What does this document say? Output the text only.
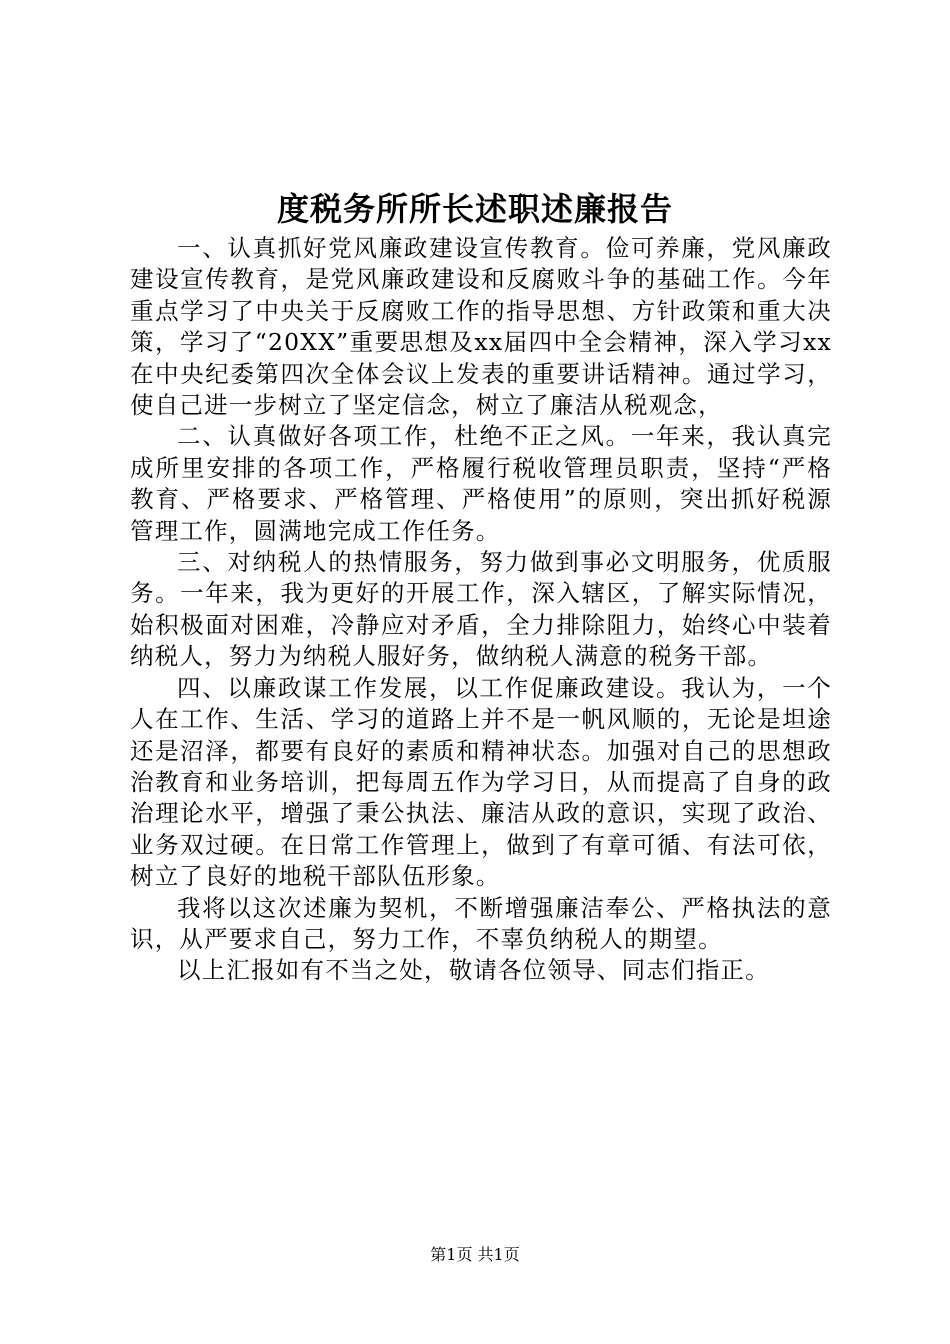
度税务所所长述职述廉报告

一、认真抓好党风廉政建设宣传教育。俭可养廉，党风廉政建设宣传教育，是党风廉政建设和反腐败斗争的基础工作。今年重点学习了中央关于反腐败工作的指导思想、方针政策和重大决策，学习了“20XX”重要思想及xx届四中全会精神，深入学习xx在中央纪委第四次全体会议上发表的重要讲话精神。通过学习，使自己进一步树立了坚定信念，树立了廉洁从税观念，

二、认真做好各项工作，杜绝不正之风。一年来，我认真完成所里安排的各项工作，严格履行税收管理员职责，坚持“严格教育、严格要求、严格管理、严格使用”的原则，突出抓好税源管理工作，圆满地完成工作任务。

三、对纳税人的热情服务，努力做到事必文明服务，优质服务。一年来，我为更好的开展工作，深入辖区，了解实际情况，始积极面对困难，冷静应对矛盾，全力排除阻力，始终心中装着纳税人，努力为纳税人服好务，做纳税人满意的税务干部。

四、以廉政谋工作发展，以工作促廉政建设。我认为，一个人在工作、生活、学习的道路上并不是一帆风顺的，无论是坦途还是沼泽，都要有良好的素质和精神状态。加强对自己的思想政治教育和业务培训，把每周五作为学习日，从而提高了自身的政治理论水平，增强了秉公执法、廉洁从政的意识，实现了政治、业务双过硬。在日常工作管理上，做到了有章可循、有法可依，树立了良好的地税干部队伍形象。

我将以这次述廉为契机，不断增强廉洁奉公、严格执法的意识，从严要求自己，努力工作，不辜负纳税人的期望。

以上汇报如有不当之处，敬请各位领导、同志们指正。

第1页 共1页
